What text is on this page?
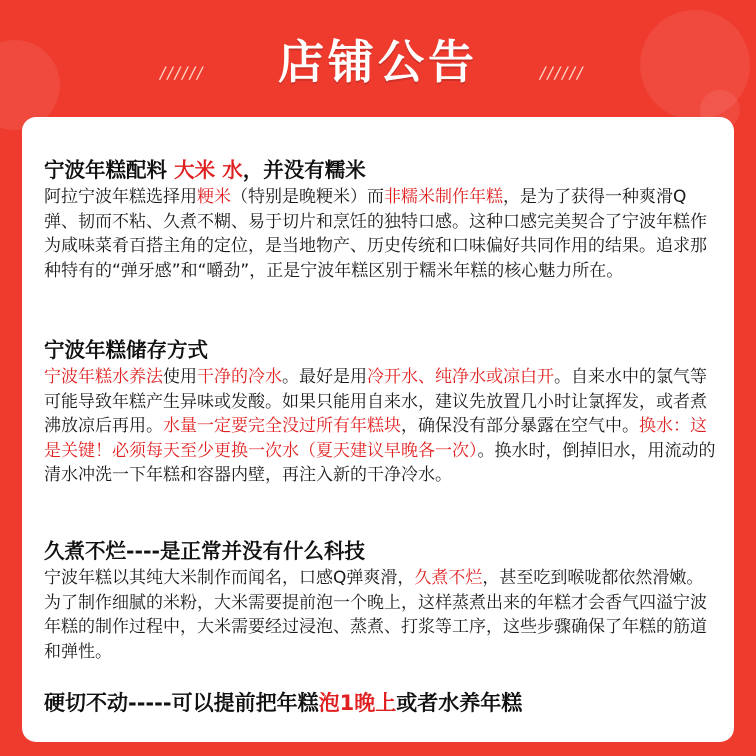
////// 店铺公告	//////

宁波年糕配料 大米 水，并没有糯米

阿拉宁波年糕选择用粳米（特别是晚粳米）而非糯米制作年糕，是为了获得一种爽滑Q弹、韧而不粘、久煮不糊、易于切片和烹饪的独特口感。这种口感完美契合了宁波年糕作为咸味菜肴百搭主角的定位，是当地物产、历史传统和口味偏好共同作用的结果。追求那种特有的“弹牙感”和“嚼劲”，正是宁波年糕区别于糯米年糕的核心魅力所在。

宁波年糕储存方式

宁波年糕水养法使用干净的冷水。最好是用冷开水、纯净水或凉白开。自来水中的氯气等可能导致年糕产生异味或发酸。如果只能用自来水，建议先放置几小时让氯挥发，或者煮沸放凉后再用。水量一定要完全没过所有年糕块，确保没有部分暴露在空气中。换水：这是关键！必须每天至少更换一次水（夏天建议早晚各一次）。换水时，倒掉旧水，用流动的清水冲洗一下年糕和容器内壁，再注入新的干净冷水。

久煮不烂----是正常并没有什么科技

宁波年糕以其纯大米制作而闻名，口感Q弹爽滑，久煮不烂，甚至吃到喉咙都依然滑嫩。为了制作细腻的米粉，大米需要提前泡一个晚上，这样蒸煮出来的年糕才会香气四溢宁波年糕的制作过程中，大米需要经过浸泡、蒸煮、打浆等工序，这些步骤确保了年糕的筋道和弹性。

硬切不动-----可以提前把年糕泡1晚上或者水养年糕
